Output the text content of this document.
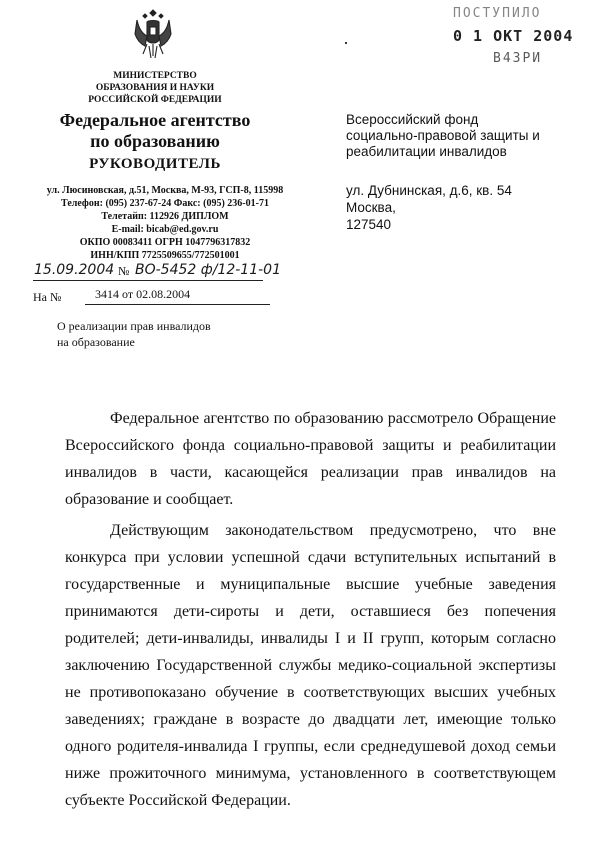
МИНИСТЕРСТВО
ОБРАЗОВАНИЯ И НАУКИ
РОССИЙСКОЙ ФЕДЕРАЦИИ
Федеральное агентство
по образованию
РУКОВОДИТЕЛЬ
ул. Люсиновская, д.51, Москва, М-93, ГСП-8, 115998
Телефон: (095) 237-67-24 Факс: (095) 236-01-71
Телетайп: 112926 ДИПЛОМ
E-mail: bicab@ed.gov.ru
ОКПО 00083411 ОГРН 1047796317832
ИНН/КПП 7725509655/772501001
15.09.2004 № ВО-5452 ф/12-11-01
На №	3414 от 02.08.2004
О реализации прав инвалидов
на образование
ПОСТУПИЛО
0 1 ОКТ 2004
В43РИ
·
Всероссийский фонд
социально-правовой защиты и
реабилитации инвалидов
ул. Дубнинская, д.6, кв. 54
Москва,
127540

Федеральное агентство по образованию рассмотрело Обращение Всероссийского фонда социально-правовой защиты и реабилитации инвалидов в части, касающейся реализации прав инвалидов на образование и сообщает.

Действующим законодательством предусмотрено, что вне конкурса при условии успешной сдачи вступительных испытаний в государственные и муниципальные высшие учебные заведения принимаются дети-сироты и дети, оставшиеся без попечения родителей; дети-инвалиды, инвалиды I и II групп, которым согласно заключению Государственной службы медико-социальной экспертизы не противопоказано обучение в соответствующих высших учебных заведениях; граждане в возрасте до двадцати лет, имеющие только одного родителя-инвалида I группы, если среднедушевой доход семьи ниже прожиточного минимума, установленного в соответствующем субъекте Российской Федерации.
